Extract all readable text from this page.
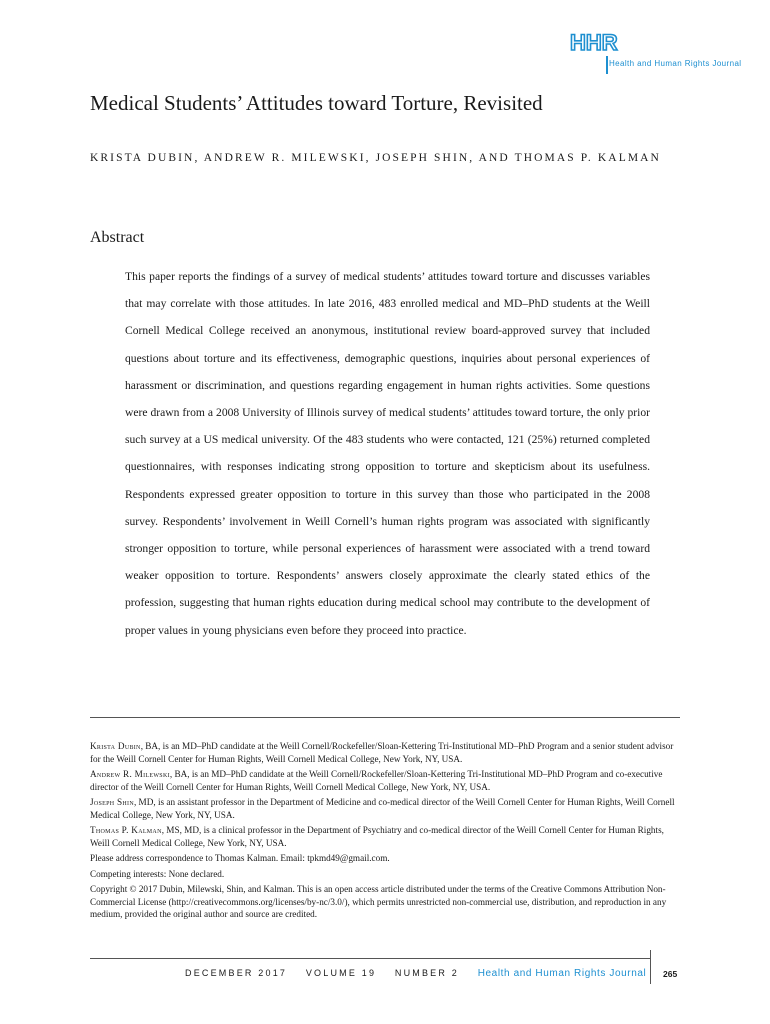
HHR
Health and Human Rights Journal
Medical Students’ Attitudes toward Torture, Revisited
KRISTA DUBIN, ANDREW R. MILEWSKI, JOSEPH SHIN, AND THOMAS P. KALMAN
Abstract
This paper reports the findings of a survey of medical students’ attitudes toward torture and discusses variables that may correlate with those attitudes. In late 2016, 483 enrolled medical and MD–PhD students at the Weill Cornell Medical College received an anonymous, institutional review board-approved survey that included questions about torture and its effectiveness, demographic questions, inquiries about personal experiences of harassment or discrimination, and questions regarding engagement in human rights activities. Some questions were drawn from a 2008 University of Illinois survey of medical students’ attitudes toward torture, the only prior such survey at a US medical university. Of the 483 students who were contacted, 121 (25%) returned completed questionnaires, with responses indicating strong opposition to torture and skepticism about its usefulness. Respondents expressed greater opposition to torture in this survey than those who participated in the 2008 survey. Respondents’ involvement in Weill Cornell’s human rights program was associated with significantly stronger opposition to torture, while personal experiences of harassment were associated with a trend toward weaker opposition to torture. Respondents’ answers closely approximate the clearly stated ethics of the profession, suggesting that human rights education during medical school may contribute to the development of proper values in young physicians even before they proceed into practice.

Krista Dubin, BA, is an MD–PhD candidate at the Weill Cornell/Rockefeller/Sloan-Kettering Tri-Institutional MD–PhD Program and a senior student advisor for the Weill Cornell Center for Human Rights, Weill Cornell Medical College, New York, NY, USA.

Andrew R. Milewski, BA, is an MD–PhD candidate at the Weill Cornell/Rockefeller/Sloan-Kettering Tri-Institutional MD–PhD Program and co-executive director of the Weill Cornell Center for Human Rights, Weill Cornell Medical College, New York, NY, USA.

Joseph Shin, MD, is an assistant professor in the Department of Medicine and co-medical director of the Weill Cornell Center for Human Rights, Weill Cornell Medical College, New York, NY, USA.

Thomas P. Kalman, MS, MD, is a clinical professor in the Department of Psychiatry and co-medical director of the Weill Cornell Center for Human Rights, Weill Cornell Medical College, New York, NY, USA.

Please address correspondence to Thomas Kalman. Email: tpkmd49@gmail.com.

Competing interests: None declared.

Copyright © 2017 Dubin, Milewski, Shin, and Kalman. This is an open access article distributed under the terms of the Creative Commons Attribution Non-Commercial License (http://creativecommons.org/licenses/by-nc/3.0/), which permits unrestricted non-commercial use, distribution, and reproduction in any medium, provided the original author and source are credited.

DECEMBER 2017 VOLUME 19 NUMBER 2 Health and Human Rights Journal	265
